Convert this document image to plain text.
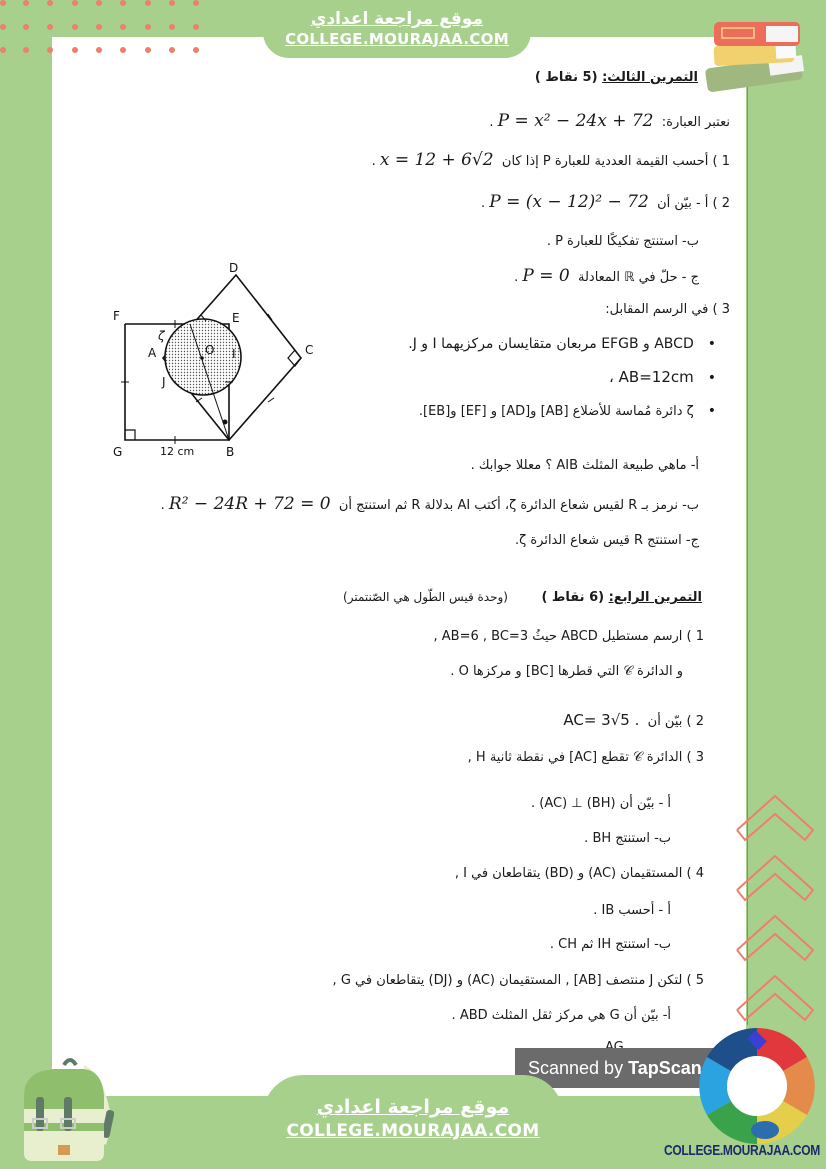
موقع مراجعة اعدادي
COLLEGE.MOURAJAA.COM
التمرين الثالث: (5 نقاط )
نعتبر العبارة:  P = x² − 24x + 72 .
1 ) أحسب القيمة العددية للعبارة P إذا كان  x = 12 + 6√2 .
2 ) أ - بيّن أن  P = (x − 12)² − 72 .
ب- استنتج تفكيكًا للعبارة P .
ج - حلّ في ℝ المعادلة  P = 0 .
3 ) في الرسم المقابل:
• ABCD و EFGB مربعان متقايسان مركزيهما I و J.
• AB=12cm ،
• ζ دائرة مُماسة للأضلاع [AB] و[AD] و [EF] و[EB].
أ- ماهي طبيعة المثلث AIB ؟ معللا جوابك .
ب- نرمز بـ R لقيس شعاع الدائرة ζ، أكتب AI بدلالة R ثم استنتج أن  R² − 24R + 72 = 0 .
ج- استنتج R قيس شعاع الدائرة ζ.
التمرين الرابع: (6 نقاط )
(وحدة قيس الطّول هي الصّنتمتر)
1 ) ارسم مستطيل ABCD حيثُ AB=6 , BC=3 ,
و الدائرة 𝒞 التي قطرها [BC] و مركزها O .
2 ) بيّن أن  AC= 3√5 .
3 ) الدائرة 𝒞 تقطع [AC] في نقطة ثانية H ,
أ - بيّن أن (BH) ⊥ (AC) .
ب- استنتج BH .
4 ) المستقيمان (AC) و (BD) يتقاطعان في I ,
أ - أحسب IB .
ب- استنتج IH ثم CH .
5 ) لتكن J منتصف [AB] , المستقيمان (AC) و (DJ) يتقاطعان في G ,
أ- بيّن أن G هي مركز ثقل المثلث ABD .
D
F	E
A	O I	C
J
G	B
ζ
12 cm
Scanned by TapScan
موقع مراجعة اعدادي
COLLEGE.MOURAJAA.COM
COLLEGE.MOURAJAA.COM
